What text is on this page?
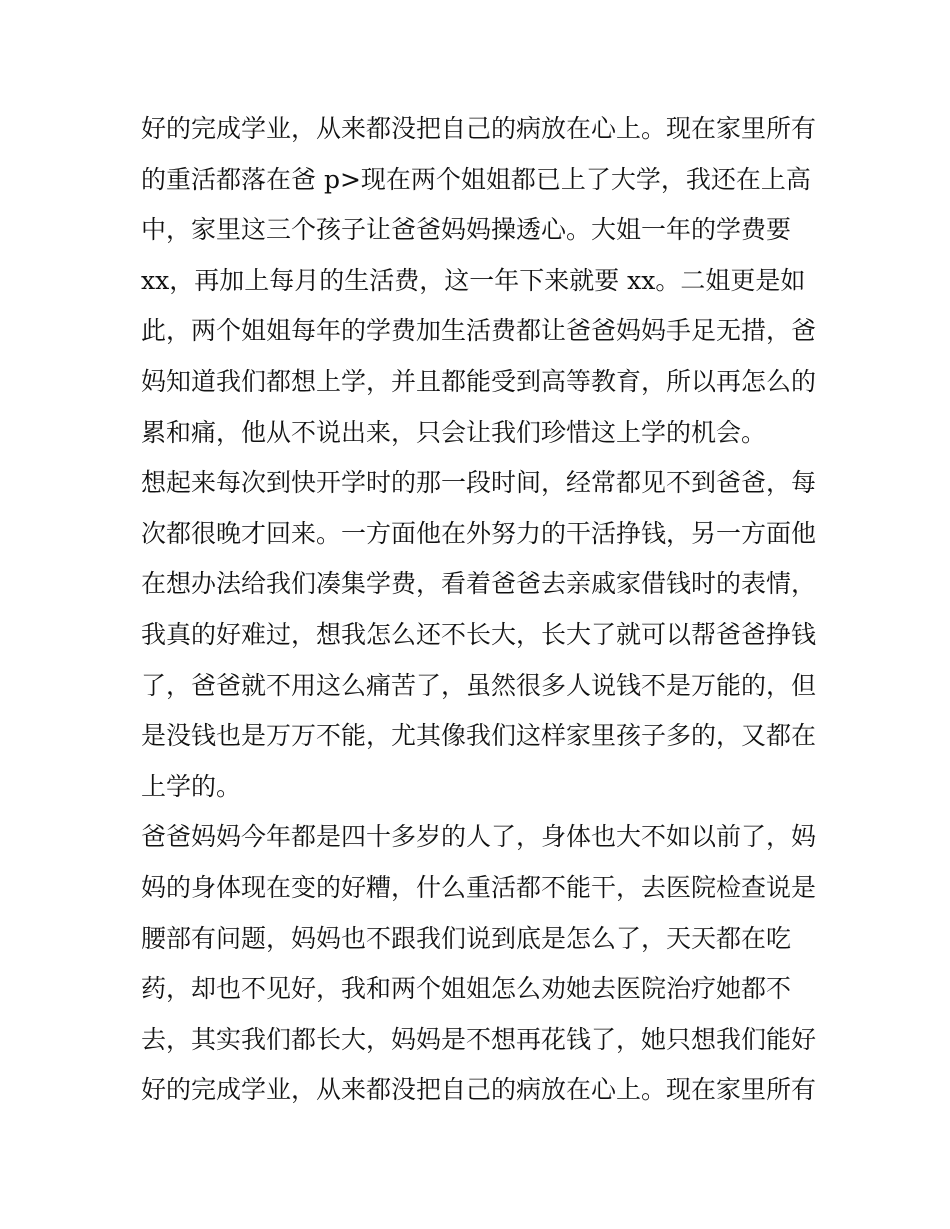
好的完成学业，从来都没把自己的病放在心上。现在家里所有
的重活都落在爸 p>现在两个姐姐都已上了大学，我还在上高
中，家里这三个孩子让爸爸妈妈操透心。大姐一年的学费要
xx，再加上每月的生活费，这一年下来就要 xx。二姐更是如
此，两个姐姐每年的学费加生活费都让爸爸妈妈手足无措，爸
妈知道我们都想上学，并且都能受到高等教育，所以再怎么的
累和痛，他从不说出来，只会让我们珍惜这上学的机会。
想起来每次到快开学时的那一段时间，经常都见不到爸爸，每
次都很晚才回来。一方面他在外努力的干活挣钱，另一方面他
在想办法给我们凑集学费，看着爸爸去亲戚家借钱时的表情，
我真的好难过，想我怎么还不长大，长大了就可以帮爸爸挣钱
了，爸爸就不用这么痛苦了，虽然很多人说钱不是万能的，但
是没钱也是万万不能，尤其像我们这样家里孩子多的，又都在
上学的。
爸爸妈妈今年都是四十多岁的人了，身体也大不如以前了，妈
妈的身体现在变的好糟，什么重活都不能干，去医院检查说是
腰部有问题，妈妈也不跟我们说到底是怎么了，天天都在吃
药，却也不见好，我和两个姐姐怎么劝她去医院治疗她都不
去，其实我们都长大，妈妈是不想再花钱了，她只想我们能好
好的完成学业，从来都没把自己的病放在心上。现在家里所有
